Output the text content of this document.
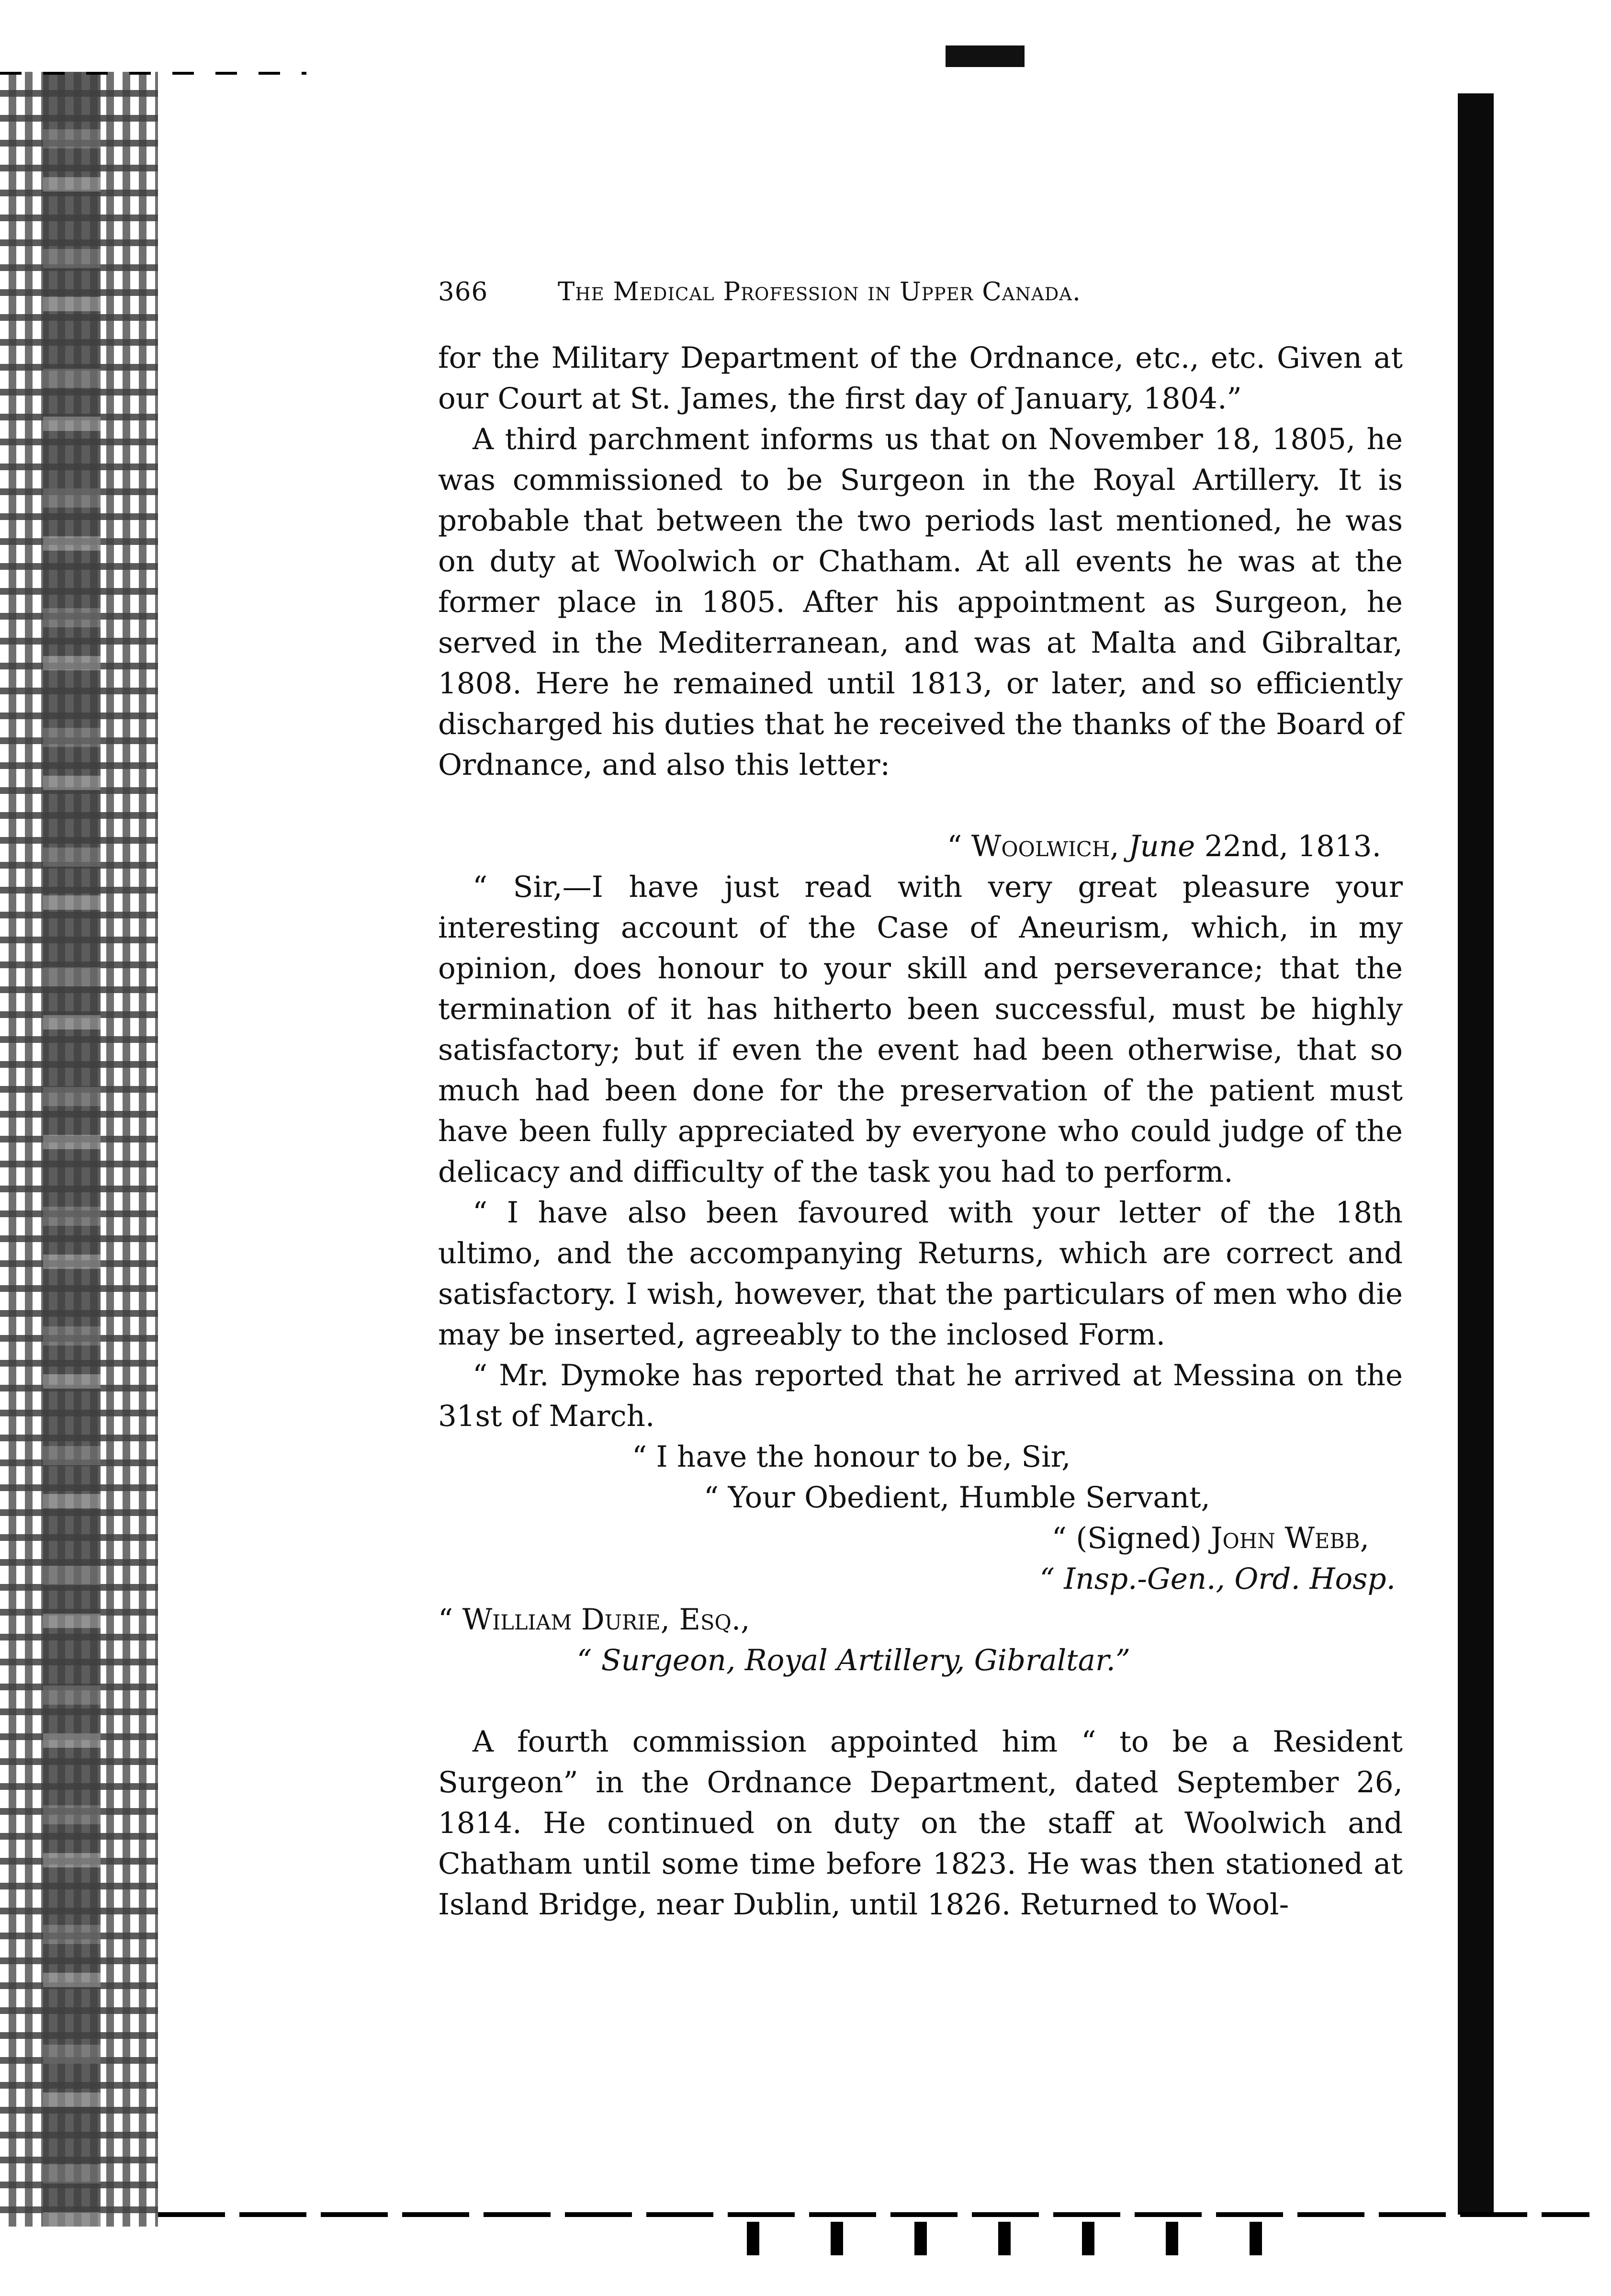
366	The Medical Profession in Upper Canada.

for the Military Department of the Ordnance, etc., etc. Given at our Court at St. James, the first day of January, 1804.”

A third parchment informs us that on November 18, 1805, he was commissioned to be Surgeon in the Royal Artillery. It is probable that between the two periods last mentioned, he was on duty at Woolwich or Chatham. At all events he was at the former place in 1805. After his appointment as Surgeon, he served in the Mediterranean, and was at Malta and Gibraltar, 1808. Here he remained until 1813, or later, and so efficiently discharged his duties that he received the thanks of the Board of Ordnance, and also this letter:

“ Woolwich, June 22nd, 1813.

“ Sir,—I have just read with very great pleasure your interesting account of the Case of Aneurism, which, in my opinion, does honour to your skill and perseverance; that the termination of it has hitherto been successful, must be highly satisfactory; but if even the event had been otherwise, that so much had been done for the preservation of the patient must have been fully appreciated by everyone who could judge of the delicacy and difficulty of the task you had to perform.

“ I have also been favoured with your letter of the 18th ultimo, and the accompanying Returns, which are correct and satisfactory. I wish, however, that the particulars of men who die may be inserted, agreeably to the inclosed Form.

“ Mr. Dymoke has reported that he arrived at Messina on the 31st of March.

“ I have the honour to be, Sir,

“ Your Obedient, Humble Servant,

“ (Signed) John Webb,

“ Insp.-Gen., Ord. Hosp.

“ William Durie, Esq.,

“ Surgeon, Royal Artillery, Gibraltar.”

A fourth commission appointed him “ to be a Resident Surgeon” in the Ordnance Department, dated September 26, 1814. He continued on duty on the staff at Woolwich and Chatham until some time before 1823. He was then stationed at Island Bridge, near Dublin, until 1826. Returned to Wool-
